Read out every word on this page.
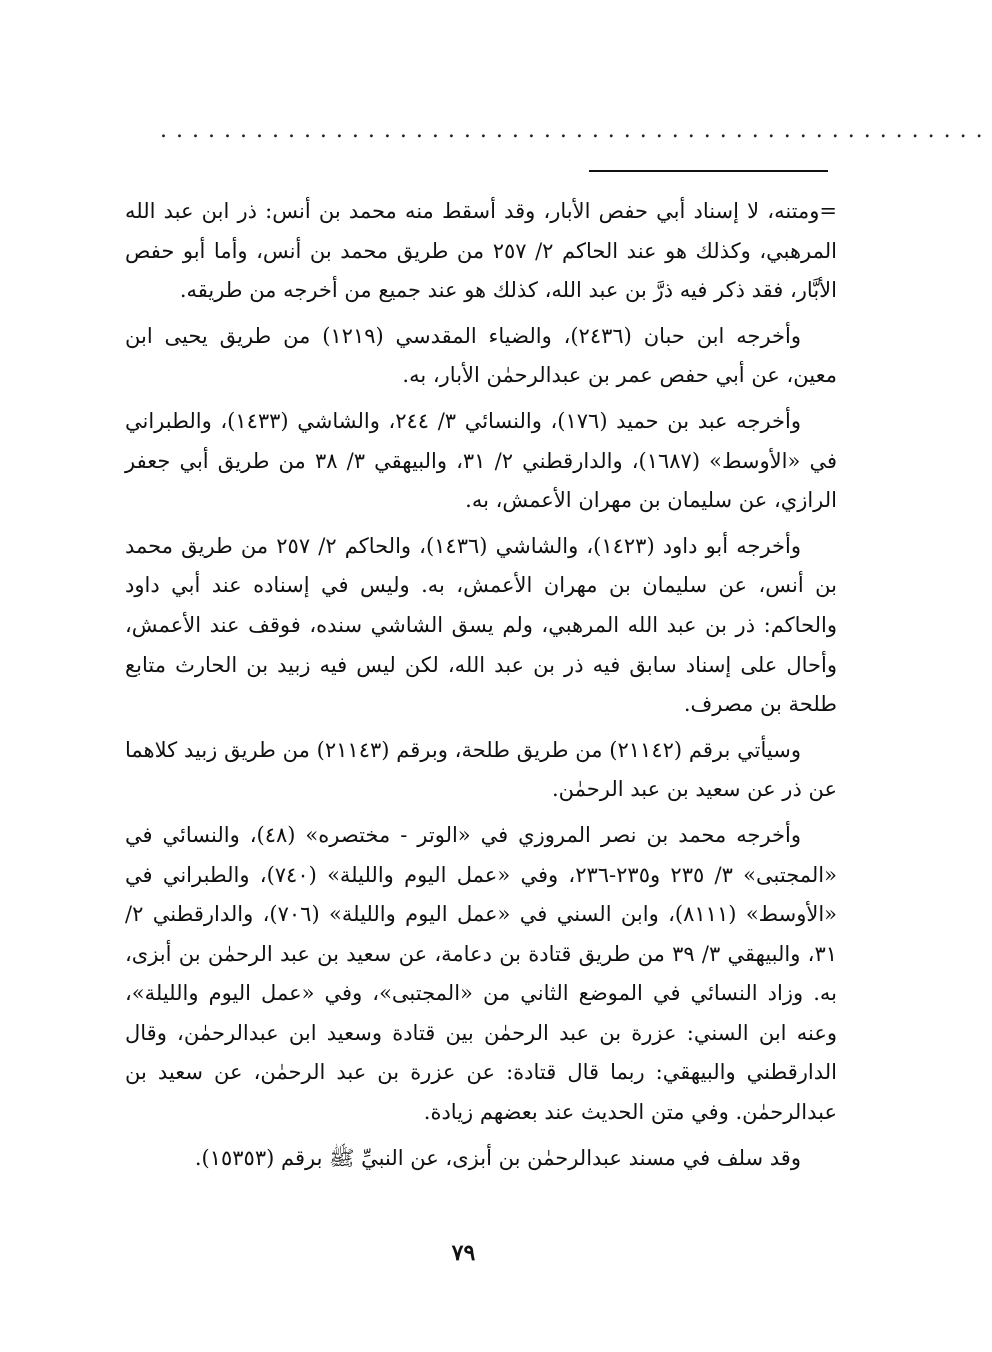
....................................................

=ومتنه، لا إسناد أبي حفص الأبار، وقد أسقط منه محمد بن أنس: ذر ابن عبد الله المرهبي، وكذلك هو عند الحاكم ٢/ ٢٥٧ من طريق محمد بن أنس، وأما أبو حفص الأبَّار، فقد ذكر فيه ذرَّ بن عبد الله، كذلك هو عند جميع من أخرجه من طريقه.

وأخرجه ابن حبان (٢٤٣٦)، والضياء المقدسي (١٢١٩) من طريق يحيى ابن معين، عن أبي حفص عمر بن عبدالرحمٰن الأبار، به.

وأخرجه عبد بن حميد (١٧٦)، والنسائي ٣/ ٢٤٤، والشاشي (١٤٣٣)، والطبراني في «الأوسط» (١٦٨٧)، والدارقطني ٢/ ٣١، والبيهقي ٣/ ٣٨ من طريق أبي جعفر الرازي، عن سليمان بن مهران الأعمش، به.

وأخرجه أبو داود (١٤٢٣)، والشاشي (١٤٣٦)، والحاكم ٢/ ٢٥٧ من طريق محمد بن أنس، عن سليمان بن مهران الأعمش، به. وليس في إسناده عند أبي داود والحاكم: ذر بن عبد الله المرهبي، ولم يسق الشاشي سنده، فوقف عند الأعمش، وأحال على إسناد سابق فيه ذر بن عبد الله، لكن ليس فيه زبيد بن الحارث متابع طلحة بن مصرف.

وسيأتي برقم (٢١١٤٢) من طريق طلحة، وبرقم (٢١١٤٣) من طريق زبيد كلاهما عن ذر عن سعيد بن عبد الرحمٰن.

وأخرجه محمد بن نصر المروزي في «الوتر - مختصره» (٤٨)، والنسائي في «المجتبى» ٣/ ٢٣٥ و٢٣٥-٢٣٦، وفي «عمل اليوم والليلة» (٧٤٠)، والطبراني في «الأوسط» (٨١١١)، وابن السني في «عمل اليوم والليلة» (٧٠٦)، والدارقطني ٢/ ٣١، والبيهقي ٣/ ٣٩ من طريق قتادة بن دعامة، عن سعيد بن عبد الرحمٰن بن أبزى، به. وزاد النسائي في الموضع الثاني من «المجتبى»، وفي «عمل اليوم والليلة»، وعنه ابن السني: عزرة بن عبد الرحمٰن بين قتادة وسعيد ابن عبدالرحمٰن، وقال الدارقطني والبيهقي: ربما قال قتادة: عن عزرة بن عبد الرحمٰن، عن سعيد بن عبدالرحمٰن. وفي متن الحديث عند بعضهم زيادة.

وقد سلف في مسند عبدالرحمٰن بن أبزى، عن النبيِّ ﷺ برقم (١٥٣٥٣).

٧٩
